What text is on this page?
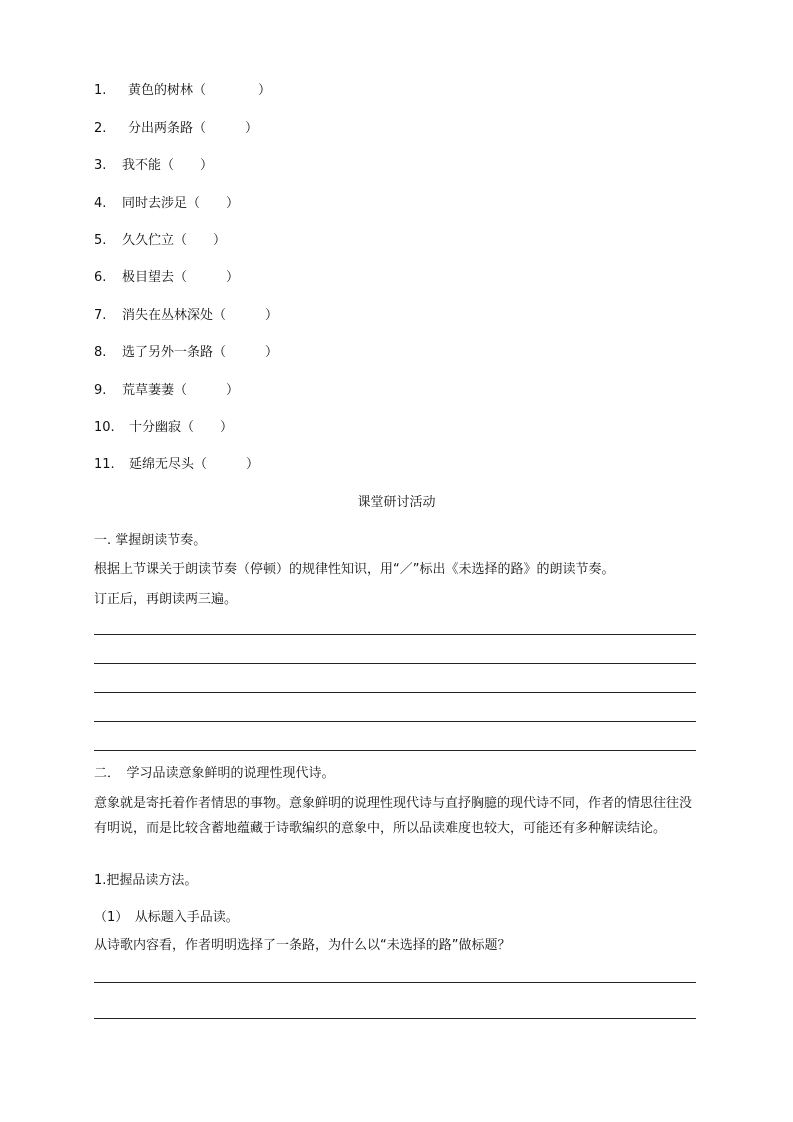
1. 黄色的树林（　　　　）
2. 分出两条路（　　　）
3. 我不能（　　）
4. 同时去涉足（　　）
5. 久久伫立（　　）
6. 极目望去（　　　）
7. 消失在丛林深处（　　　）
8. 选了另外一条路（　　　）
9. 荒草萋萋（　　　）
10. 十分幽寂（　　）
11. 延绵无尽头（　　　）
课堂研讨活动
一. 掌握朗读节奏。
根据上节课关于朗读节奏（停顿）的规律性知识，用“／”标出《未选择的路》的朗读节奏。
订正后，再朗读两三遍。
二．　学习品读意象鲜明的说理性现代诗。
意象就是寄托着作者情思的事物。意象鲜明的说理性现代诗与直抒胸臆的现代诗不同，作者的情思往往没有明说，而是比较含蓄地蕴藏于诗歌编织的意象中，所以品读难度也较大，可能还有多种解读结论。
1.把握品读方法。
（1）　从标题入手品读。
从诗歌内容看，作者明明选择了一条路，为什么以“未选择的路”做标题？
